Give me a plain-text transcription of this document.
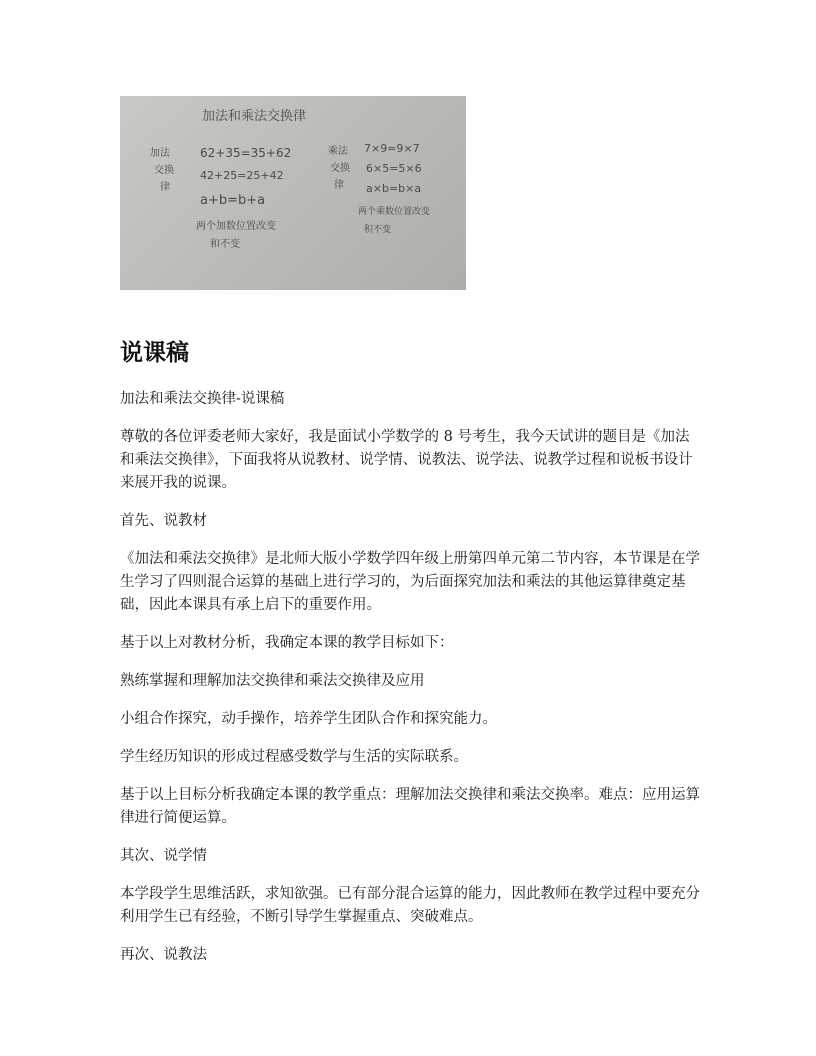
加法和乘法交换律
加法
交换
律
62+35=35+62
42+25=25+42
a+b=b+a
两个加数位置改变
和不变
乘法
交换
律
7×9=9×7
6×5=5×6
a×b=b×a
两个乘数位置改变
积不变
说课稿

加法和乘法交换律-说课稿

尊敬的各位评委老师大家好，我是面试小学数学的 8 号考生，我今天试讲的题目是《加法和乘法交换律》，下面我将从说教材、说学情、说教法、说学法、说教学过程和说板书设计来展开我的说课。

首先、说教材

《加法和乘法交换律》是北师大版小学数学四年级上册第四单元第二节内容，本节课是在学生学习了四则混合运算的基础上进行学习的，为后面探究加法和乘法的其他运算律奠定基础，因此本课具有承上启下的重要作用。

基于以上对教材分析，我确定本课的教学目标如下：

熟练掌握和理解加法交换律和乘法交换律及应用

小组合作探究，动手操作，培养学生团队合作和探究能力。

学生经历知识的形成过程感受数学与生活的实际联系。

基于以上目标分析我确定本课的教学重点：理解加法交换律和乘法交换率。难点：应用运算律进行简便运算。

其次、说学情

本学段学生思维活跃，求知欲强。已有部分混合运算的能力，因此教师在教学过程中要充分利用学生已有经验，不断引导学生掌握重点、突破难点。

再次、说教法
